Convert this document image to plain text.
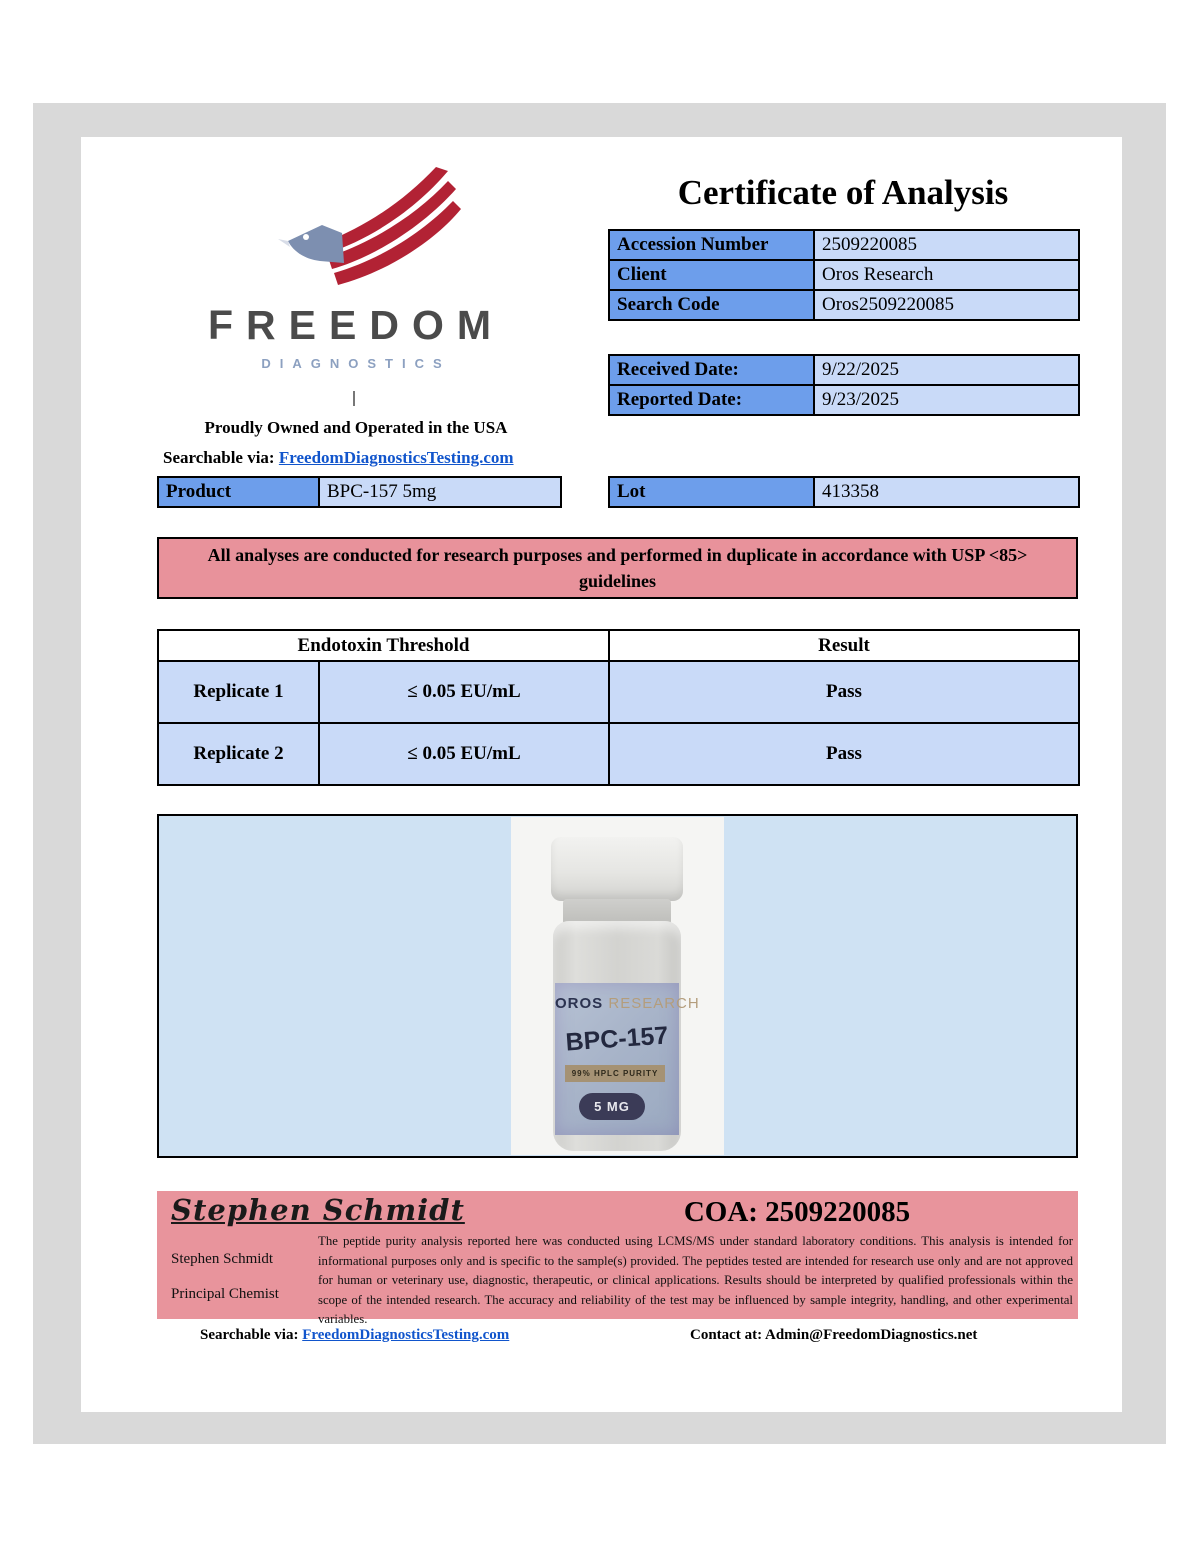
FREEDOM
DIAGNOSTICS
Proudly Owned and Operated in the USA
Searchable via: FreedomDiagnosticsTesting.com
Certificate of Analysis
Accession Number	2509220085
Client	Oros Research
Search Code	Oros2509220085
Received Date:	9/22/2025
Reported Date:	9/23/2025
Product	BPC-157 5mg	Lot	413358
All analyses are conducted for research purposes and performed in duplicate in accordance with USP <85> guidelines
Endotoxin Threshold		Result
Replicate 1	≤ 0.05 EU/mL	Pass
Replicate 2	≤ 0.05 EU/mL	Pass
OROS RESEARCH
BPC-157
99% HPLC PURITY
5 MG
Stephen Schmidt	COA: 2509220085
Stephen Schmidt
Principal Chemist
The peptide purity analysis reported here was conducted using LCMS/MS under standard laboratory conditions. This analysis is intended for informational purposes only and is specific to the sample(s) provided. The peptides tested are intended for research use only and are not approved for human or veterinary use, diagnostic, therapeutic, or clinical applications. Results should be interpreted by qualified professionals within the scope of the intended research. The accuracy and reliability of the test may be influenced by sample integrity, handling, and other experimental variables.
Searchable via: FreedomDiagnosticsTesting.com	Contact at: Admin@FreedomDiagnostics.net
